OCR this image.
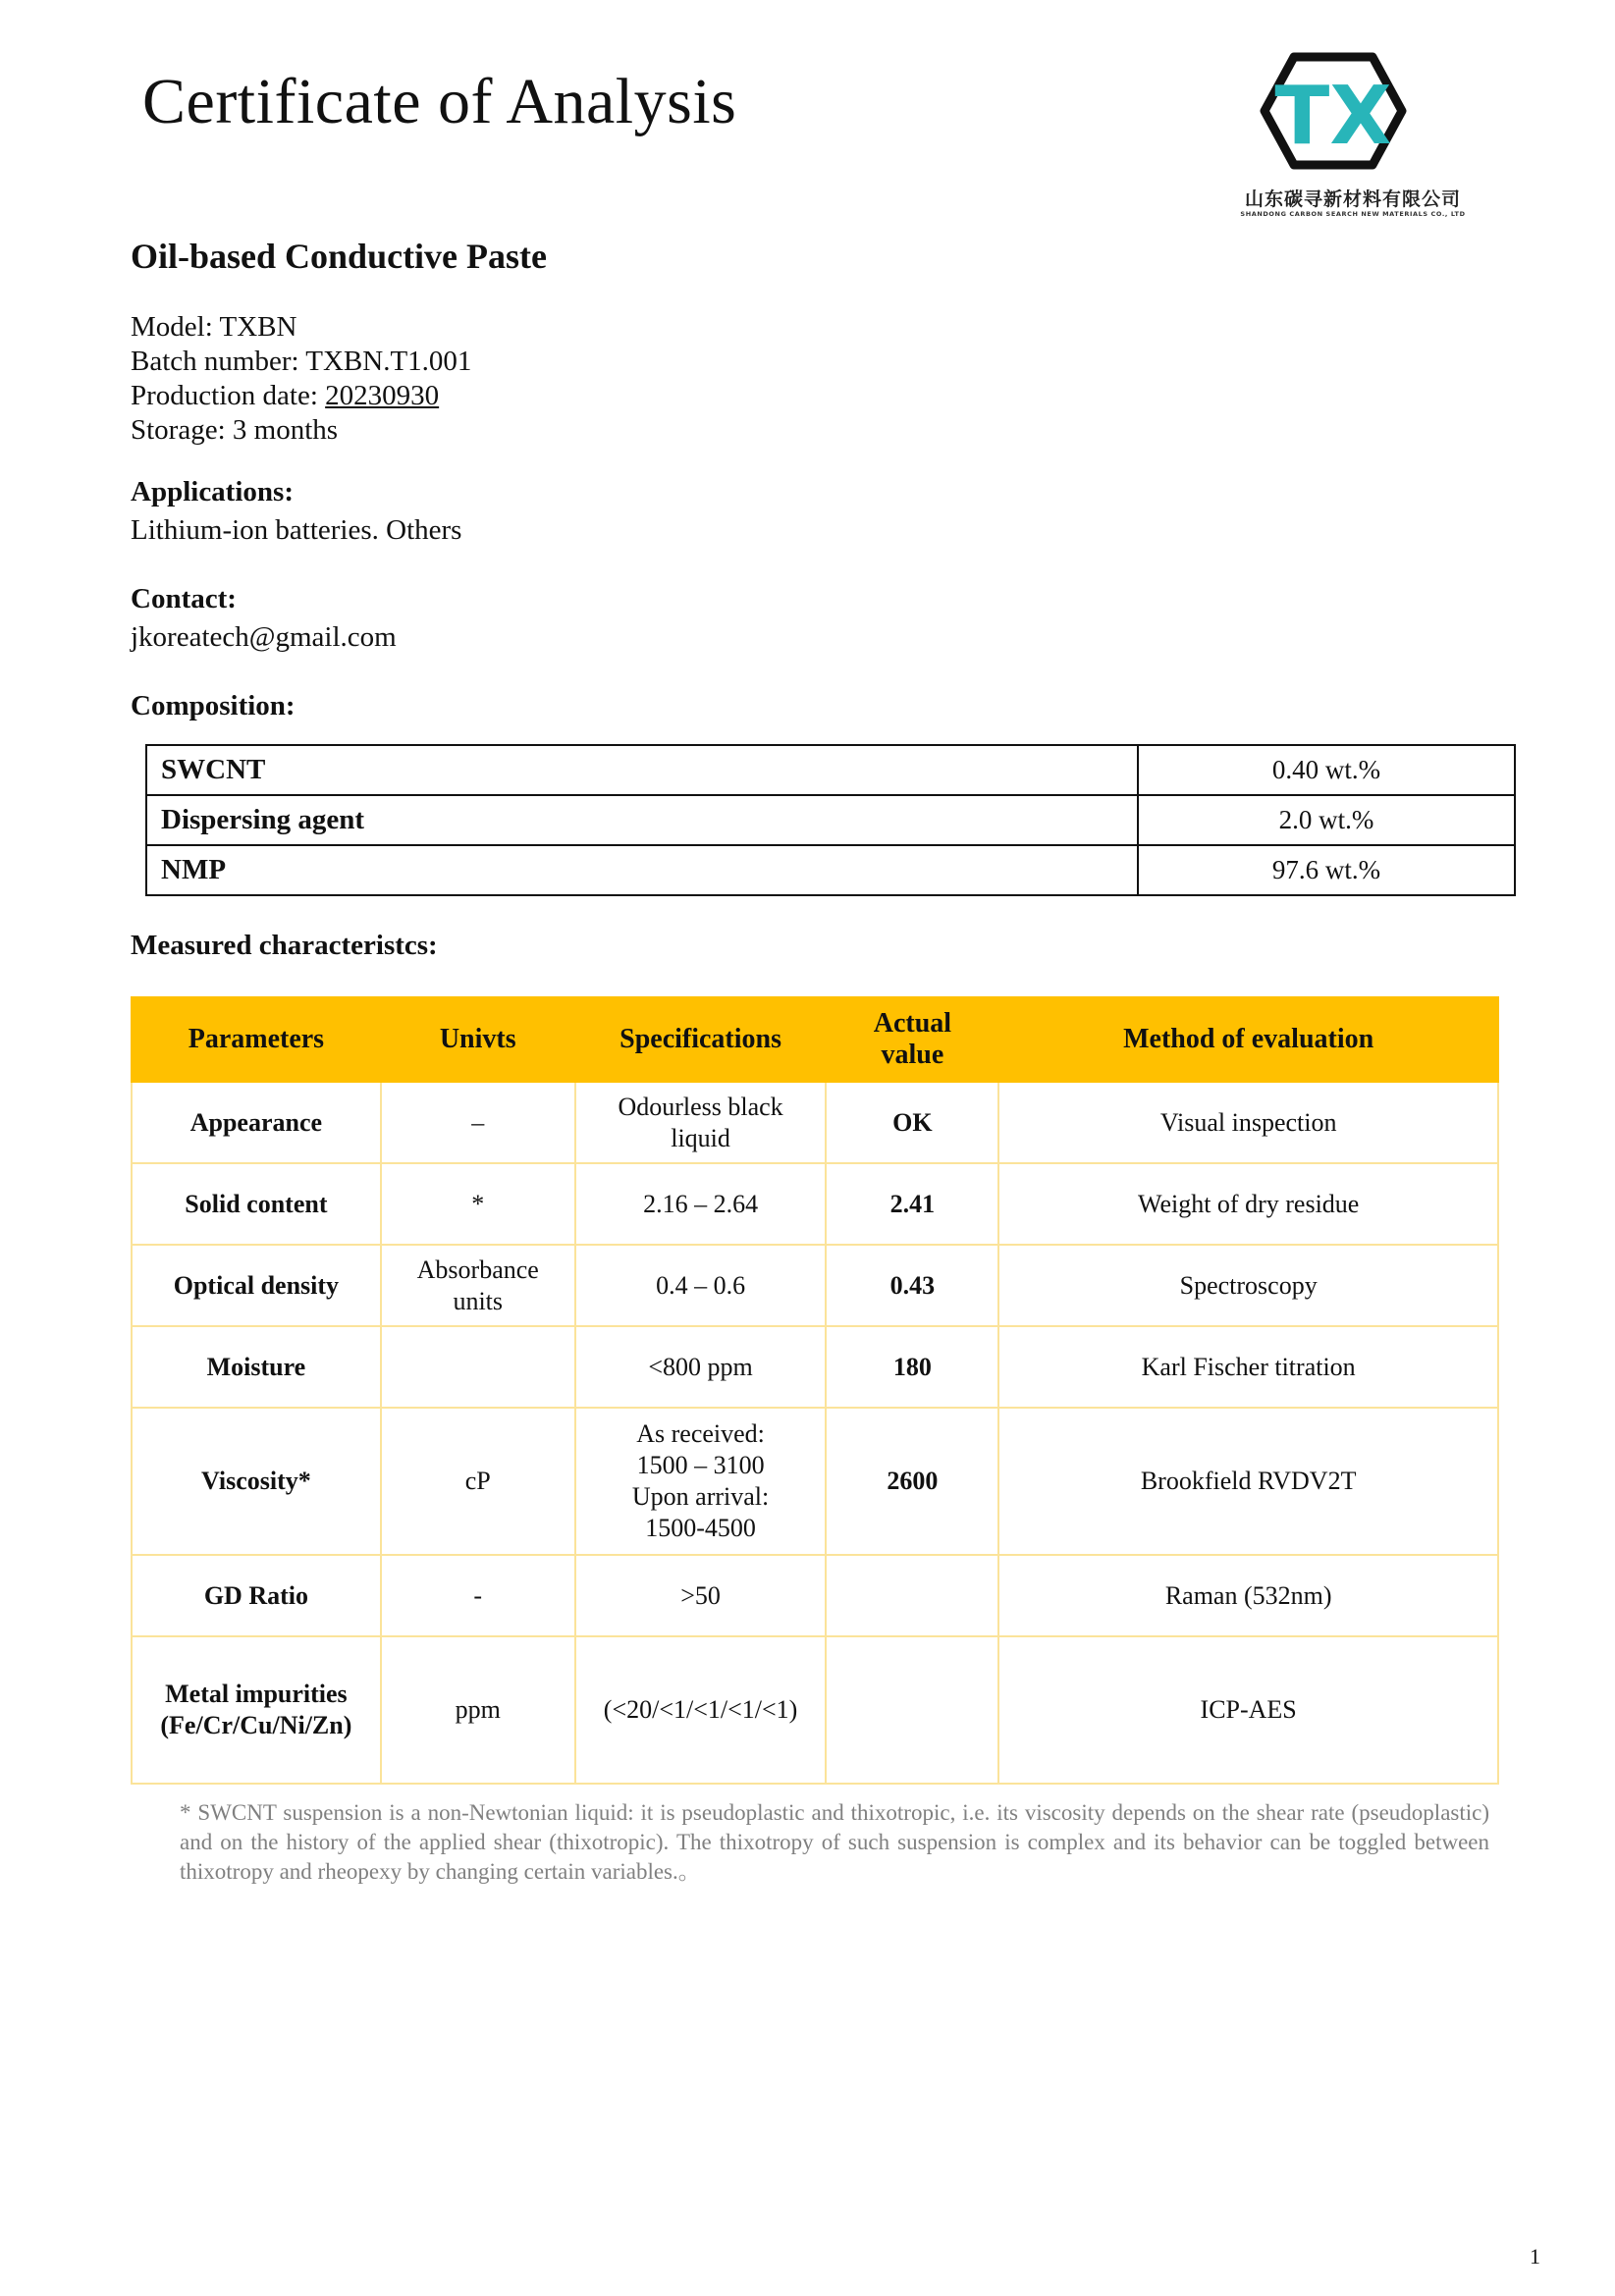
Certificate of Analysis	TX
山东碳寻新材料有限公司
SHANDONG CARBON SEARCH NEW MATERIALS CO., LTD
Oil-based Conductive Paste
Model: TXBN
Batch number: TXBN.T1.001
Production date: 20230930
Storage: 3 months
Applications:
Lithium-ion batteries. Others
Contact:
jkoreatech@gmail.com
Composition:
SWCNT	0.40 wt.%
Dispersing agent	2.0 wt.%
NMP	97.6 wt.%
Measured characteristcs:
Parameters	Univts	Specifications	Actual value	Method of evaluation
Appearance	–	Odourless black liquid	OK	Visual inspection
Solid content	*	2.16 – 2.64	2.41	Weight of dry residue
Optical density	Absorbance units	0.4 – 0.6	0.43	Spectroscopy
Moisture		<800 ppm	180	Karl Fischer titration
Viscosity*	cP	As received:
1500 – 3100
Upon arrival:
1500-4500	2600	Brookfield RVDV2T
GD Ratio	-	>50		Raman (532nm)

Metal impurities
(Fe/Cr/Cu/Ni/Zn)	ppm	(<20/<1/<1/<1/<1)		ICP-AES
* SWCNT suspension is a non-Newtonian liquid: it is pseudoplastic and thixotropic, i.e. its viscosity depends on the shear rate (pseudoplastic) and on the history of the applied shear (thixotropic). The thixotropy of such suspension is complex and its behavior can be toggled between thixotropy and rheopexy by changing certain variables.。
1
